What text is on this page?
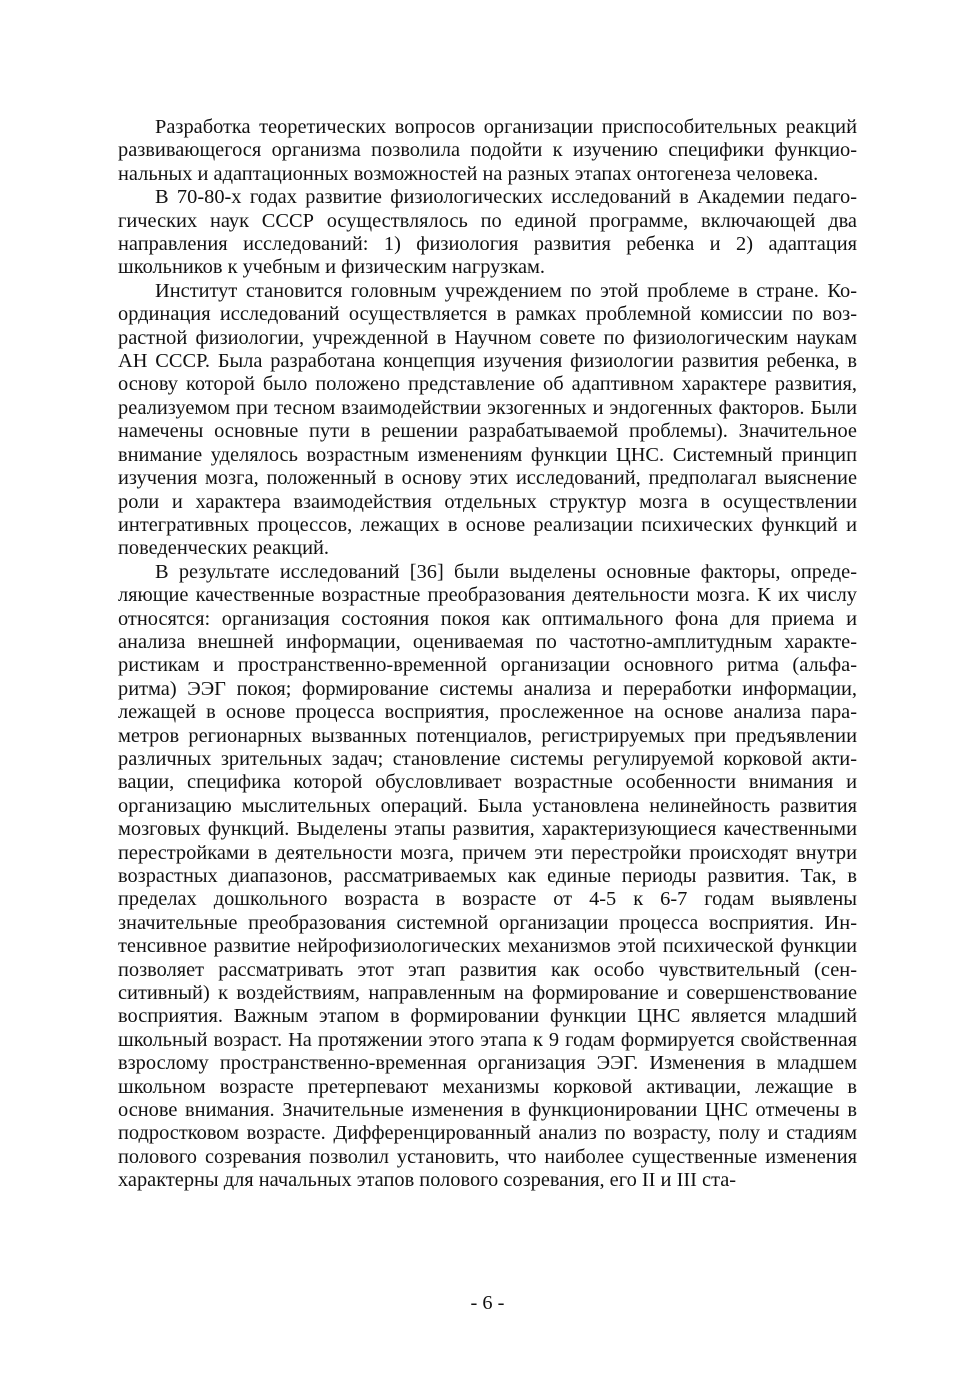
Разработка теоретических вопросов организации приспособительных реакций развивающегося организма позволила подойти к изучению специфики функциональных и адаптационных возможностей на разных этапах онтогенеза человека.

В 70-80-х годах развитие физиологических исследований в Академии педагогических наук СССР осуществлялось по единой программе, включающей два направления исследований: 1) физиология развития ребенка и 2) адаптация школьников к учебным и физическим нагрузкам.

Институт становится головным учреждением по этой проблеме в стране. Координация исследований осуществляется в рамках проблемной комиссии по возрастной физиологии, учрежденной в Научном совете по физиологическим наукам АН СССР. Была разработана концепция изучения физиологии развития ребенка, в основу которой было положено представление об адаптивном характере развития, реализуемом при тесном взаимодействии экзогенных и эндогенных факторов. Были намечены основные пути в решении разрабатываемой проблемы). Значительное внимание уделялось возрастным изменениям функции ЦНС. Системный принцип изучения мозга, положенный в основу этих исследований, предполагал выяснение роли и характера взаимодействия отдельных структур мозга в осуществлении интегративных процессов, лежащих в основе реализации психических функций и поведенческих реакций.

В результате исследований [36] были выделены основные факторы, определяющие качественные возрастные преобразования деятельности мозга. К их числу относятся: организация состояния покоя как оптимального фона для приема и анализа внешней информации, оцениваемая по частотно-амплитудным характеристикам и пространственно-временной организации основного ритма (альфаритма) ЭЭГ покоя; формирование системы анализа и переработки информации, лежащей в основе процесса восприятия, прослеженное на основе анализа параметров регионарных вызванных потенциалов, регистрируемых при предъявлении различных зрительных задач; становление системы регулируемой корковой активации, специфика которой обусловливает возрастные особенности внимания и организацию мыслительных операций. Была установлена нелинейность развития мозговых функций. Выделены этапы развития, характеризующиеся качественными перестройками в деятельности мозга, причем эти перестройки происходят внутри возрастных диапазонов, рассматриваемых как единые периоды развития. Так, в пределах дошкольного возраста в возрасте от 4-5 к 6-7 годам выявлены значительные преобразования системной организации процесса восприятия. Интенсивное развитие нейрофизиологических механизмов этой психической функции позволяет рассматривать этот этап развития как особо чувствительный (сенситивный) к воздействиям, направленным на формирование и совершенствование восприятия. Важным этапом в формировании функции ЦНС является младший школьный возраст. На протяжении этого этапа к 9 годам формируется свойственная взрослому пространственно-временная организация ЭЭГ. Изменения в младшем школьном возрасте претерпевают механизмы корковой активации, лежащие в основе внимания. Значительные изменения в функционировании ЦНС отмечены в подростковом возрасте. Дифференцированный анализ по возрасту, полу и стадиям полового созревания позволил установить, что наиболее существенные изменения характерны для начальных этапов полового созревания, его II и III ста-

- 6 -
